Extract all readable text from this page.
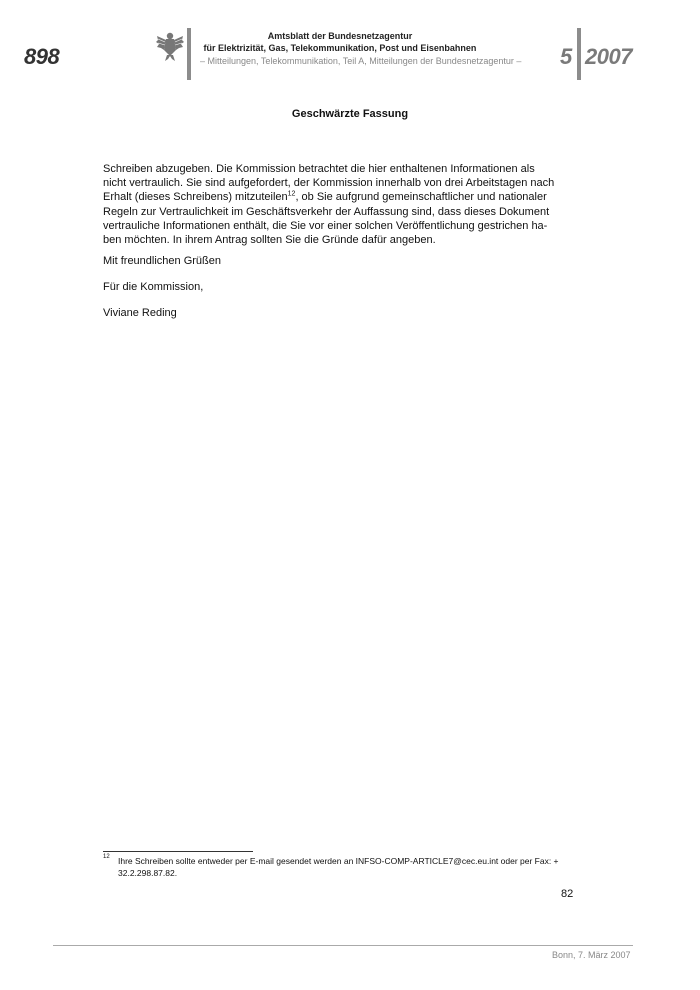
898
Amtsblatt der Bundesnetzagentur
für Elektrizität, Gas, Telekommunikation, Post und Eisenbahnen
– Mitteilungen, Telekommunikation, Teil A, Mitteilungen der Bundesnetzagentur – 5 2007
Geschwärzte Fassung
Schreiben abzugeben. Die Kommission betrachtet die hier enthaltenen Informationen als
nicht vertraulich. Sie sind aufgefordert, der Kommission innerhalb von drei Arbeitstagen nach
Erhalt (dieses Schreibens) mitzuteilen$^{12}$, ob Sie aufgrund gemeinschaftlicher und nationaler
Regeln zur Vertraulichkeit im Geschäftsverkehr der Auffassung sind, dass dieses Dokument
vertrauliche Informationen enthält, die Sie vor einer solchen Veröffentlichung gestrichen ha-
ben möchten. In ihrem Antrag sollten Sie die Gründe dafür angeben.
Mit freundlichen Grüßen
Für die Kommission,
Viviane Reding
12 Ihre Schreiben sollte entweder per E-mail gesendet werden an INFSO-COMP-ARTICLE7@cec.eu.int oder per Fax: + 32.2.298.87.82.
82
Bonn, 7. März 2007
